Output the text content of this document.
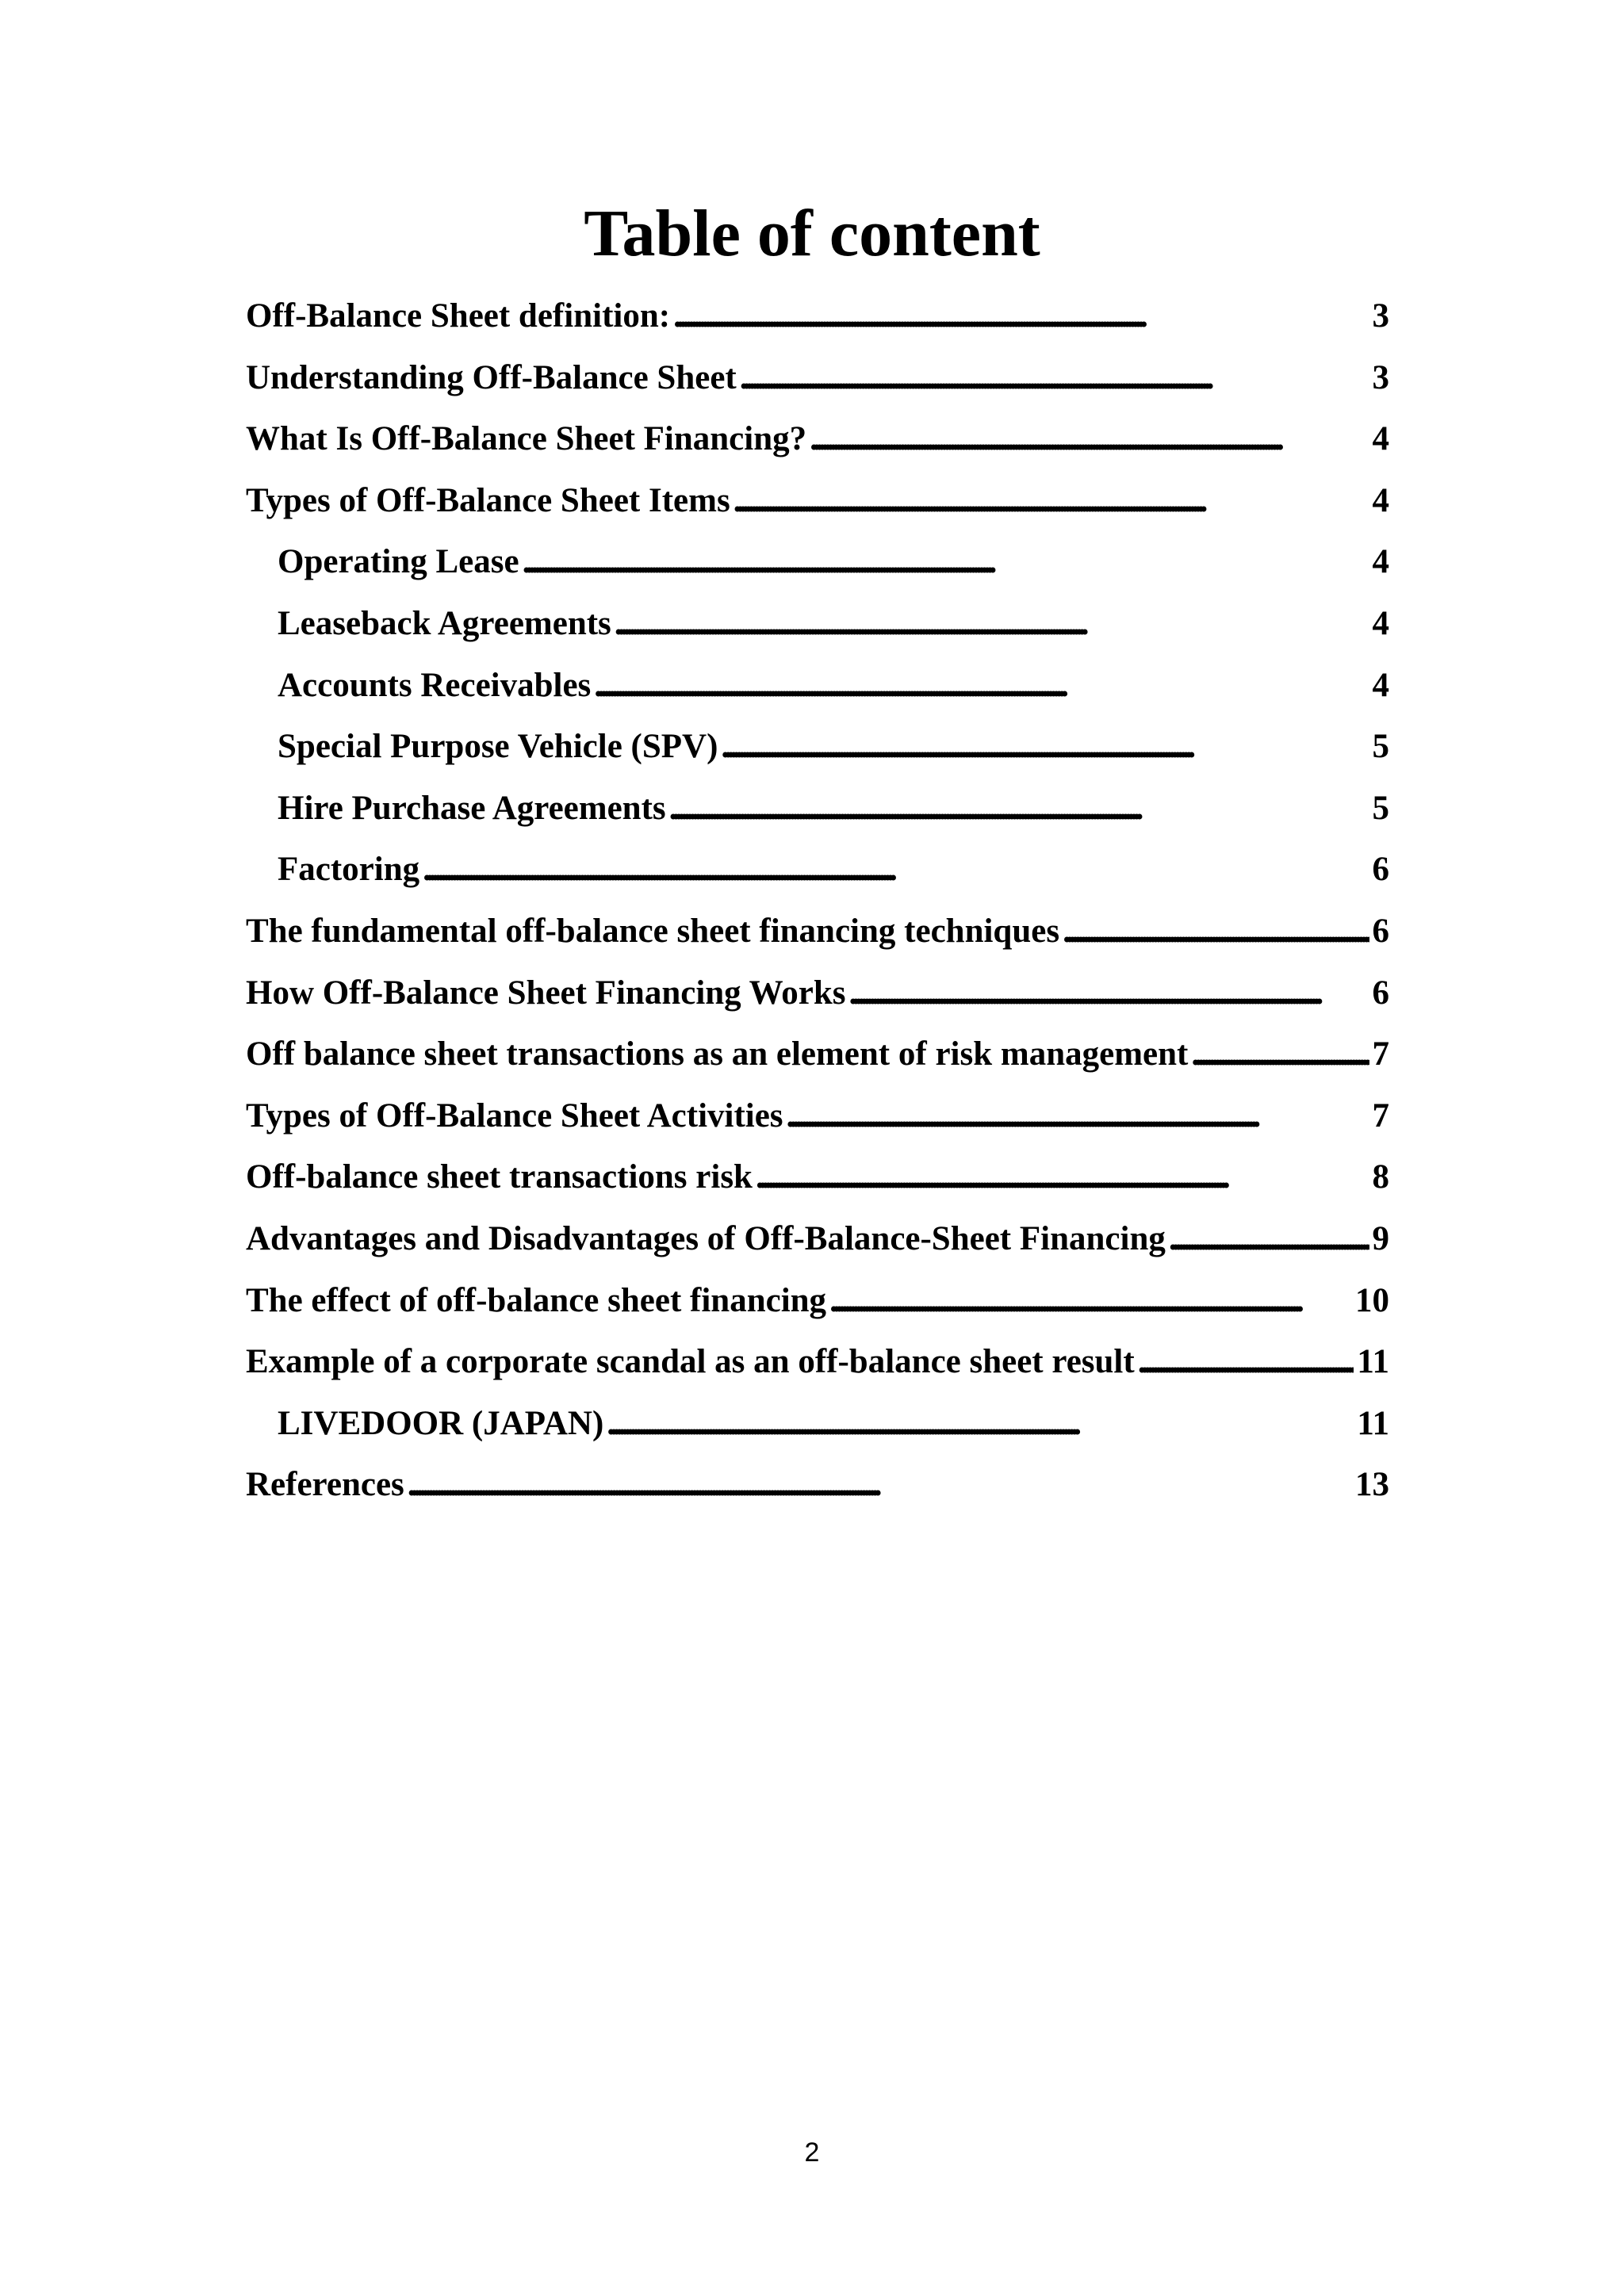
Table of content
Off-Balance Sheet definition: . . .	3
Understanding Off-Balance Sheet . . .	3
What Is Off-Balance Sheet Financing? . . .	4
Types of Off-Balance Sheet Items . . .	4
Operating Lease . . .	4
Leaseback Agreements . . .	4
Accounts Receivables . . .	4
Special Purpose Vehicle (SPV) . . .	5
Hire Purchase Agreements . . .	5
Factoring . . .	6
The fundamental off-balance sheet financing techniques . . .	6
How Off-Balance Sheet Financing Works . . .	6
Off balance sheet transactions as an element of risk management . . .	7
Types of Off-Balance Sheet Activities . . .	7
Off-balance sheet transactions risk . . .	8
Advantages and Disadvantages of Off-Balance-Sheet Financing . . .	9
The effect of off-balance sheet financing . . .	10
Example of a corporate scandal as an off-balance sheet result . . .	11
LIVEDOOR (JAPAN) . . .	11
References . . .	13
2
